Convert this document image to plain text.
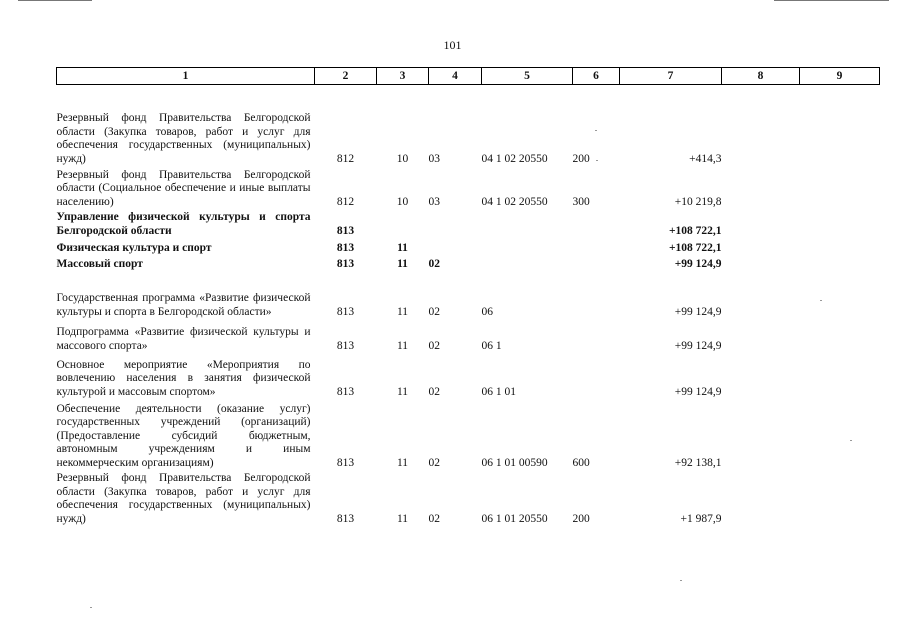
101
1	2	3	4	5	6	7	8	9
Резервный фонд Правительства Белгородской области (Закупка товаров, работ и услуг для обеспечения государственных (муниципальных) нужд)	812	10	03	04 1 02 20550	200	+414,3		
Резервный фонд Правительства Белгородской области (Социальное обеспечение и иные выплаты населению)	812	10	03	04 1 02 20550	300	+10 219,8		
Управление физической культуры и спорта Белгородской области	813					+108 722,1		
Физическая культура и спорт	813	11				+108 722,1		
Массовый спорт	813	11	02			+99 124,9		
Государственная программа «Развитие физической культуры и спорта в Белгородской области»	813	11	02	06		+99 124,9		
Подпрограмма «Развитие физической культуры и массового спорта»	813	11	02	06 1		+99 124,9		
Основное мероприятие «Мероприятия по вовлечению населения в занятия физической культурой и массовым спортом»	813	11	02	06 1 01		+99 124,9		
Обеспечение деятельности (оказание услуг) государственных учреждений (организаций) (Предоставление субсидий бюджетным, автономным учреждениям и иным некоммерческим организациям)	813	11	02	06 1 01 00590	600	+92 138,1		
Резервный фонд Правительства Белгородской области (Закупка товаров, работ и услуг для обеспечения государственных (муниципальных) нужд)	813	11	02	06 1 01 20550	200	+1 987,9		
